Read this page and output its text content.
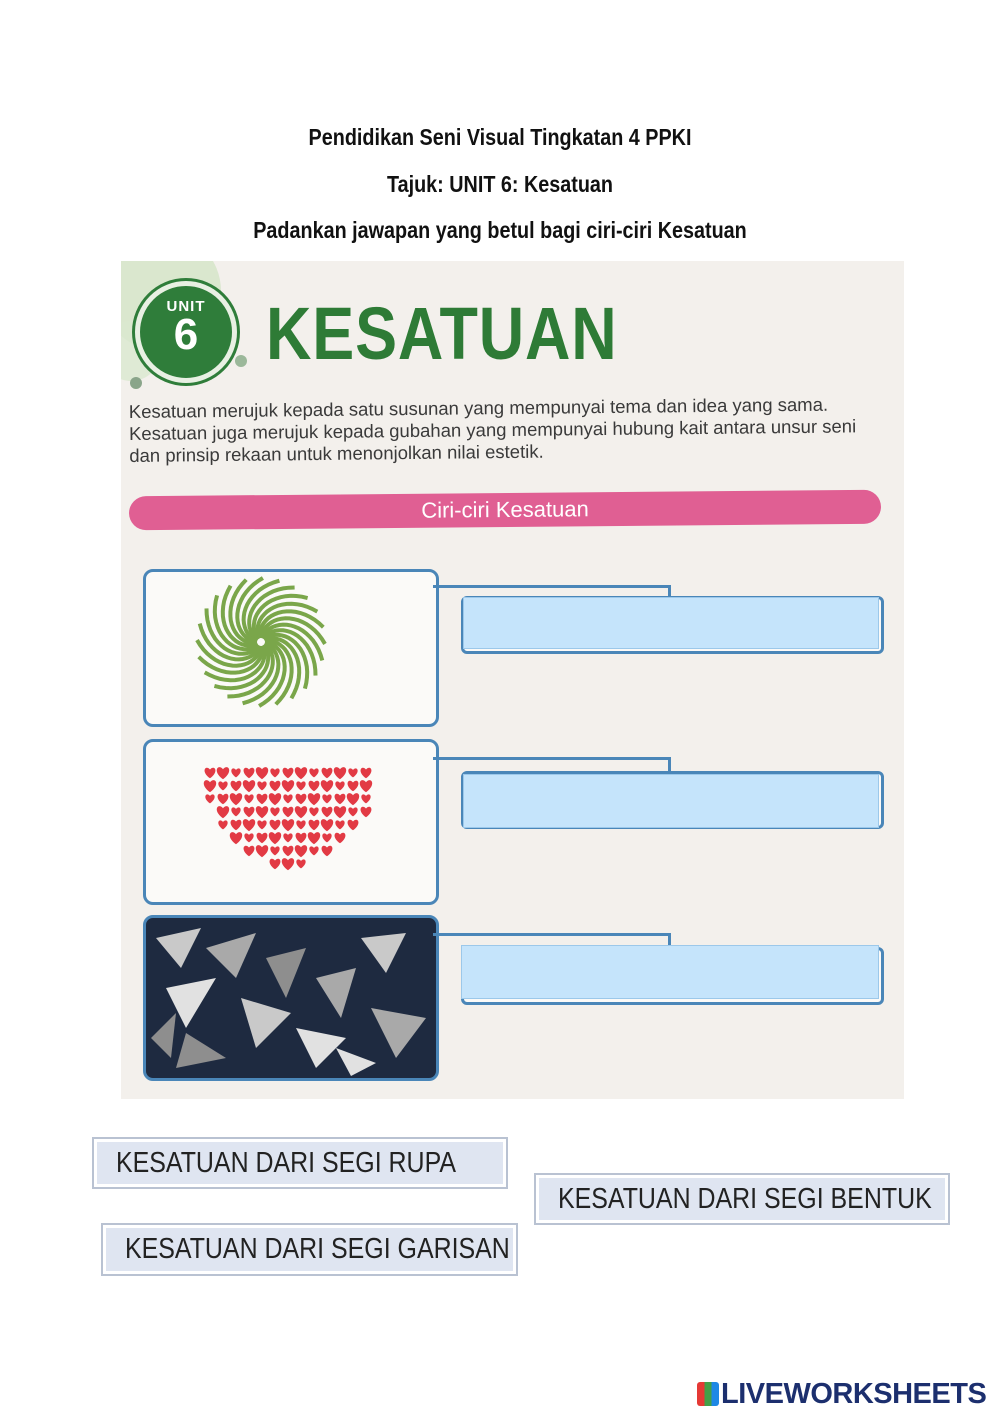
Pendidikan Seni Visual Tingkatan 4 PPKI
Tajuk: UNIT 6: Kesatuan
Padankan jawapan yang betul bagi ciri-ciri Kesatuan
UNIT
6 KESATUAN
Kesatuan merujuk kepada satu susunan yang mempunyai tema dan idea yang sama. Kesatuan juga merujuk kepada gubahan yang mempunyai hubung kait antara unsur seni dan prinsip rekaan untuk menonjolkan nilai estetik.
Ciri-ciri Kesatuan
KESATUAN DARI SEGI RUPA
KESATUAN DARI SEGI BENTUK
KESATUAN DARI SEGI GARISAN
LIVEWORKSHEETS
